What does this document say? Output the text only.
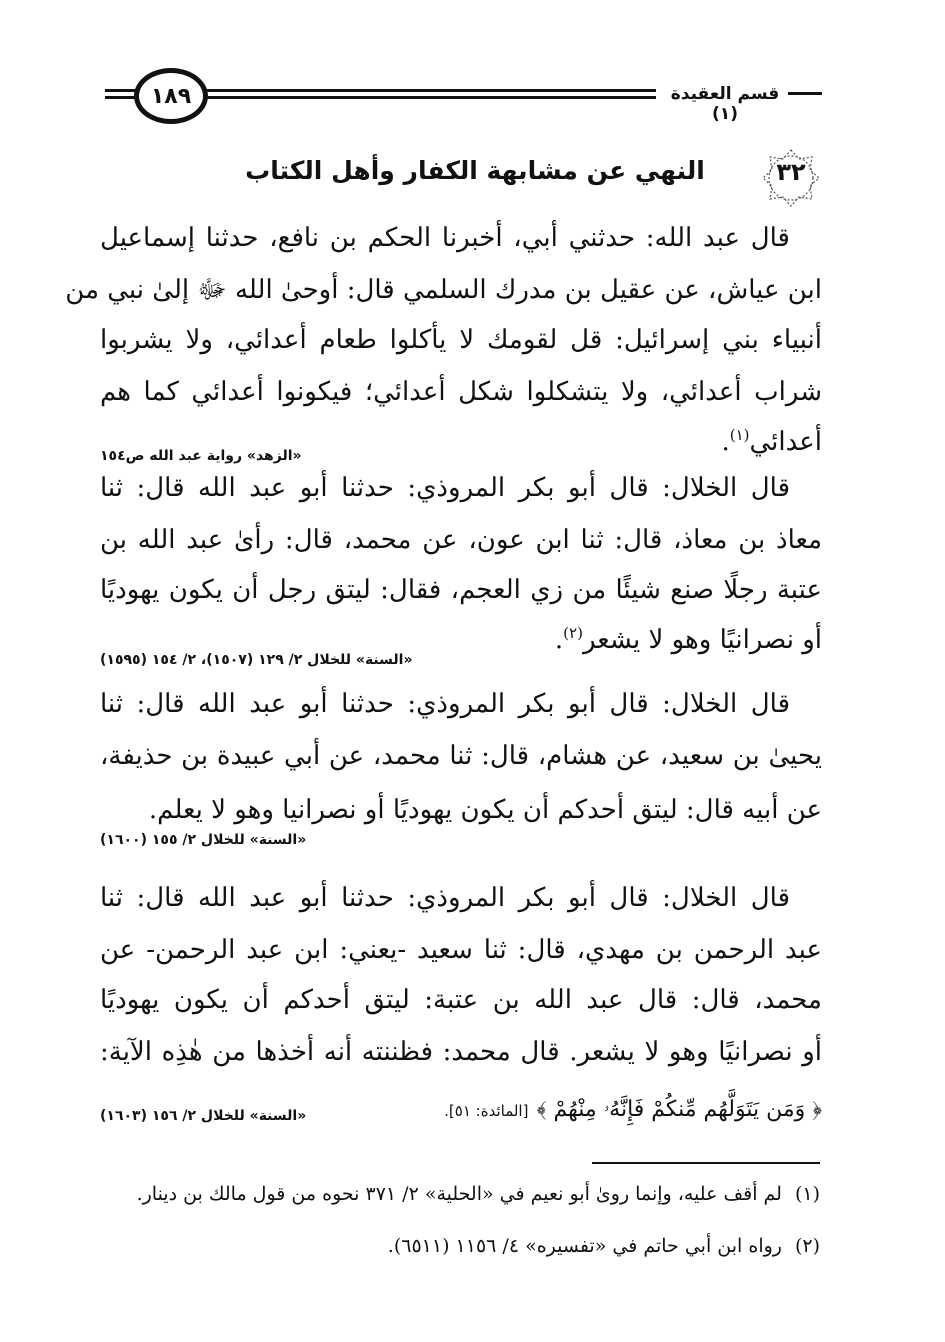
١٨٩	قسم العقيدة (١)
٣٢
النهي عن مشابهة الكفار وأهل الكتاب
قال عبد الله: حدثني أبي، أخبرنا الحكم بن نافع، حدثنا إسماعيل
ابن عياش، عن عقيل بن مدرك السلمي قال: أوحىٰ الله ﷻ إلىٰ نبي من
أنبياء بني إسرائيل: قل لقومك لا يأكلوا طعام أعدائي، ولا يشربوا
شراب أعدائي، ولا يتشكلوا شكل أعدائي؛ فيكونوا أعدائي كما هم
أعدائي$^{(١)}$.
«الزهد» رواية عبد الله ص١٥٤
قال الخلال: قال أبو بكر المروذي: حدثنا أبو عبد الله قال: ثنا
معاذ بن معاذ، قال: ثنا ابن عون، عن محمد، قال: رأىٰ عبد الله بن
عتبة رجلًا صنع شيئًا من زي العجم، فقال: ليتق رجل أن يكون يهوديًا
أو نصرانيًا وهو لا يشعر$^{(٢)}$.
«السنة» للخلال ٢/ ١٢٩ (١٥٠٧)، ٢/ ١٥٤ (١٥٩٥)
قال الخلال: قال أبو بكر المروذي: حدثنا أبو عبد الله قال: ثنا
يحيىٰ بن سعيد، عن هشام، قال: ثنا محمد، عن أبي عبيدة بن حذيفة،
عن أبيه قال: ليتق أحدكم أن يكون يهوديًا أو نصرانيا وهو لا يعلم.
«السنة» للخلال ٢/ ١٥٥ (١٦٠٠)
قال الخلال: قال أبو بكر المروذي: حدثنا أبو عبد الله قال: ثنا
عبد الرحمن بن مهدي، قال: ثنا سعيد -يعني: ابن عبد الرحمن- عن
محمد، قال: قال عبد الله بن عتبة: ليتق أحدكم أن يكون يهوديًا
أو نصرانيًا وهو لا يشعر. قال محمد: فظننته أنه أخذها من هٰذِه الآية:
﴿ وَمَن يَتَوَلَّهُم مِّنكُمْ فَإِنَّهُۥ مِنْهُمْ ﴾ [المائدة: ٥١].
«السنة» للخلال ٢/ ١٥٦ (١٦٠٣)
(١) لم أقف عليه، وإنما روىٰ أبو نعيم في «الحلية» ٢/ ٣٧١ نحوه من قول مالك بن دينار.
(٢) رواه ابن أبي حاتم في «تفسيره» ٤/ ١١٥٦ (٦٥١١).
